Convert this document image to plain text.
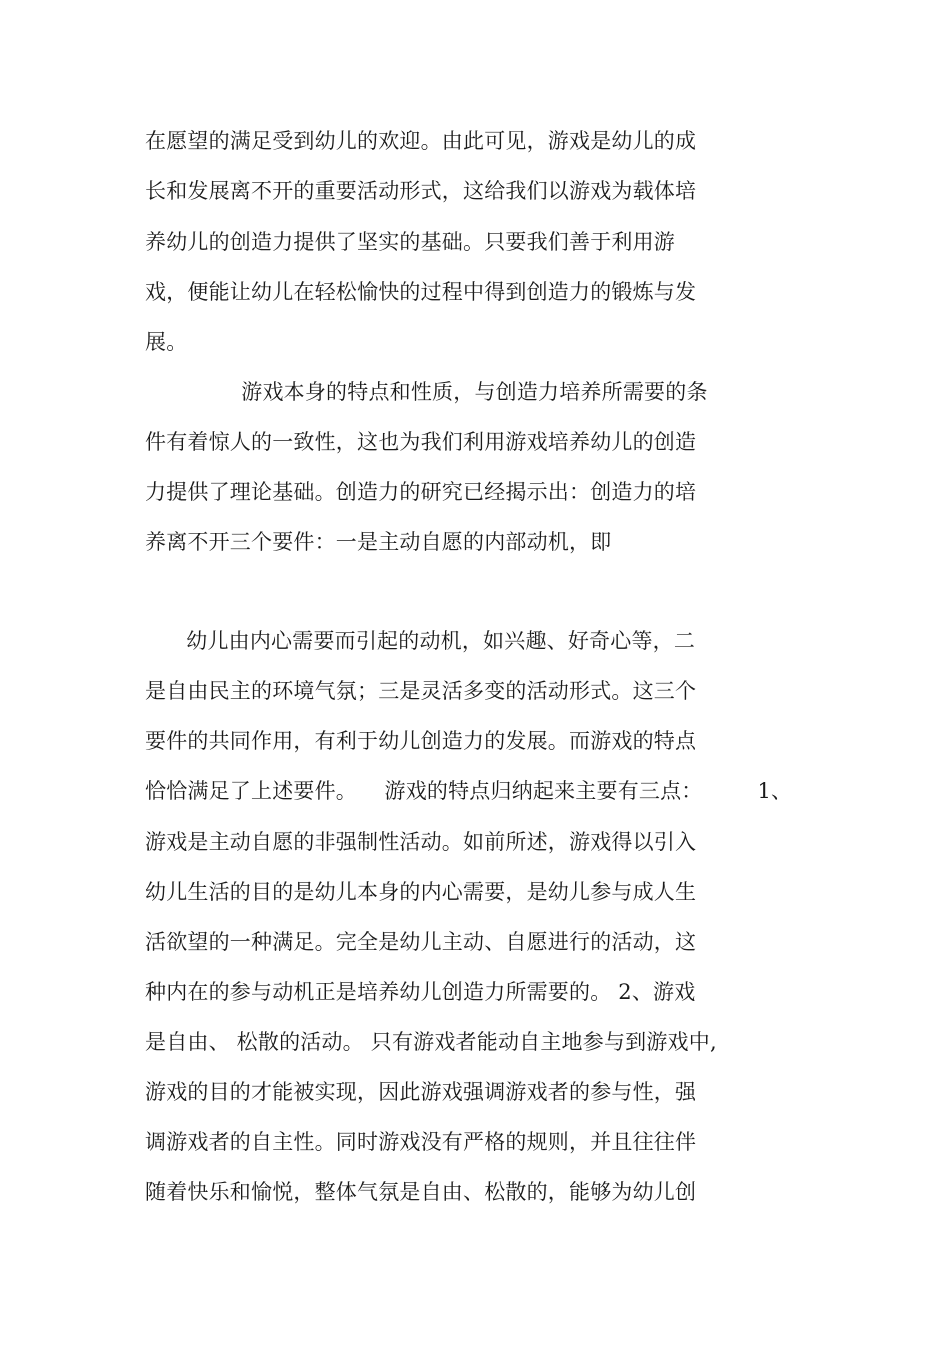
在愿望的满足受到幼儿的欢迎。由此可见，游戏是幼儿的成
长和发展离不开的重要活动形式，这给我们以游戏为载体培
养幼儿的创造力提供了坚实的基础。只要我们善于利用游
戏，便能让幼儿在轻松愉快的过程中得到创造力的锻炼与发
展。
游戏本身的特点和性质，与创造力培养所需要的条
件有着惊人的一致性，这也为我们利用游戏培养幼儿的创造
力提供了理论基础。创造力的研究已经揭示出：创造力的培
养离不开三个要件：一是主动自愿的内部动机，即
幼儿由内心需要而引起的动机，如兴趣、好奇心等，二
是自由民主的环境气氛；三是灵活多变的活动形式。这三个
要件的共同作用，有利于幼儿创造力的发展。而游戏的特点
恰恰满足了上述要件。    游戏的特点归纳起来主要有三点：        1、
游戏是主动自愿的非强制性活动。如前所述，游戏得以引入
幼儿生活的目的是幼儿本身的内心需要，是幼儿参与成人生
活欲望的一种满足。完全是幼儿主动、自愿进行的活动，这
种内在的参与动机正是培养幼儿创造力所需要的。 2、游戏
是自由、 松散的活动。 只有游戏者能动自主地参与到游戏中,
游戏的目的才能被实现，因此游戏强调游戏者的参与性，强
调游戏者的自主性。同时游戏没有严格的规则，并且往往伴
随着快乐和愉悦，整体气氛是自由、松散的，能够为幼儿创
